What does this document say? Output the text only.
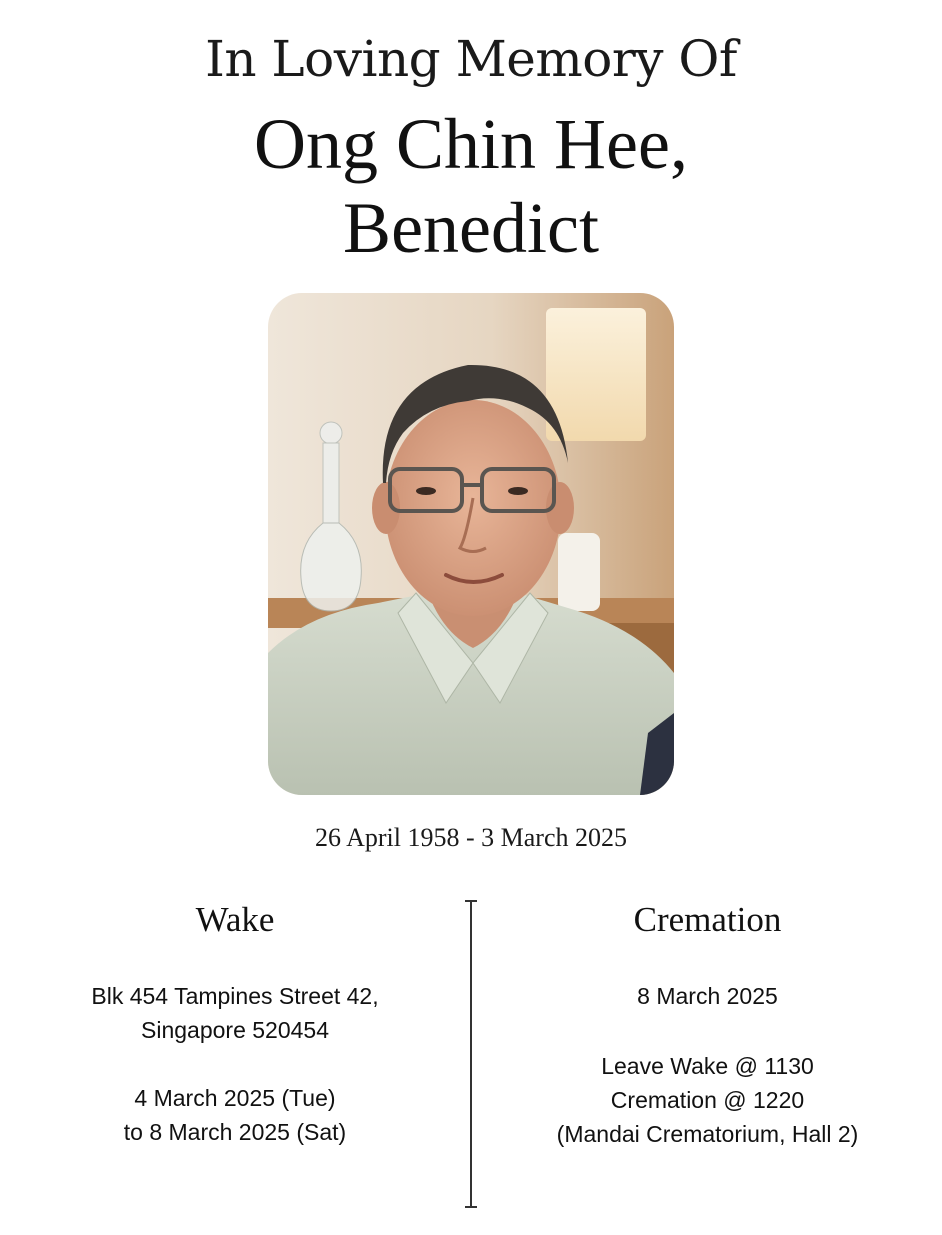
In Loving Memory Of
Ong Chin Hee,
Benedict
26 April 1958 - 3 March 2025
Wake
Blk 454 Tampines Street 42,
Singapore 520454
4 March 2025 (Tue)
to 8 March 2025 (Sat)
Cremation
8 March 2025
Leave Wake @ 1130
Cremation @ 1220
(Mandai Crematorium, Hall 2)
